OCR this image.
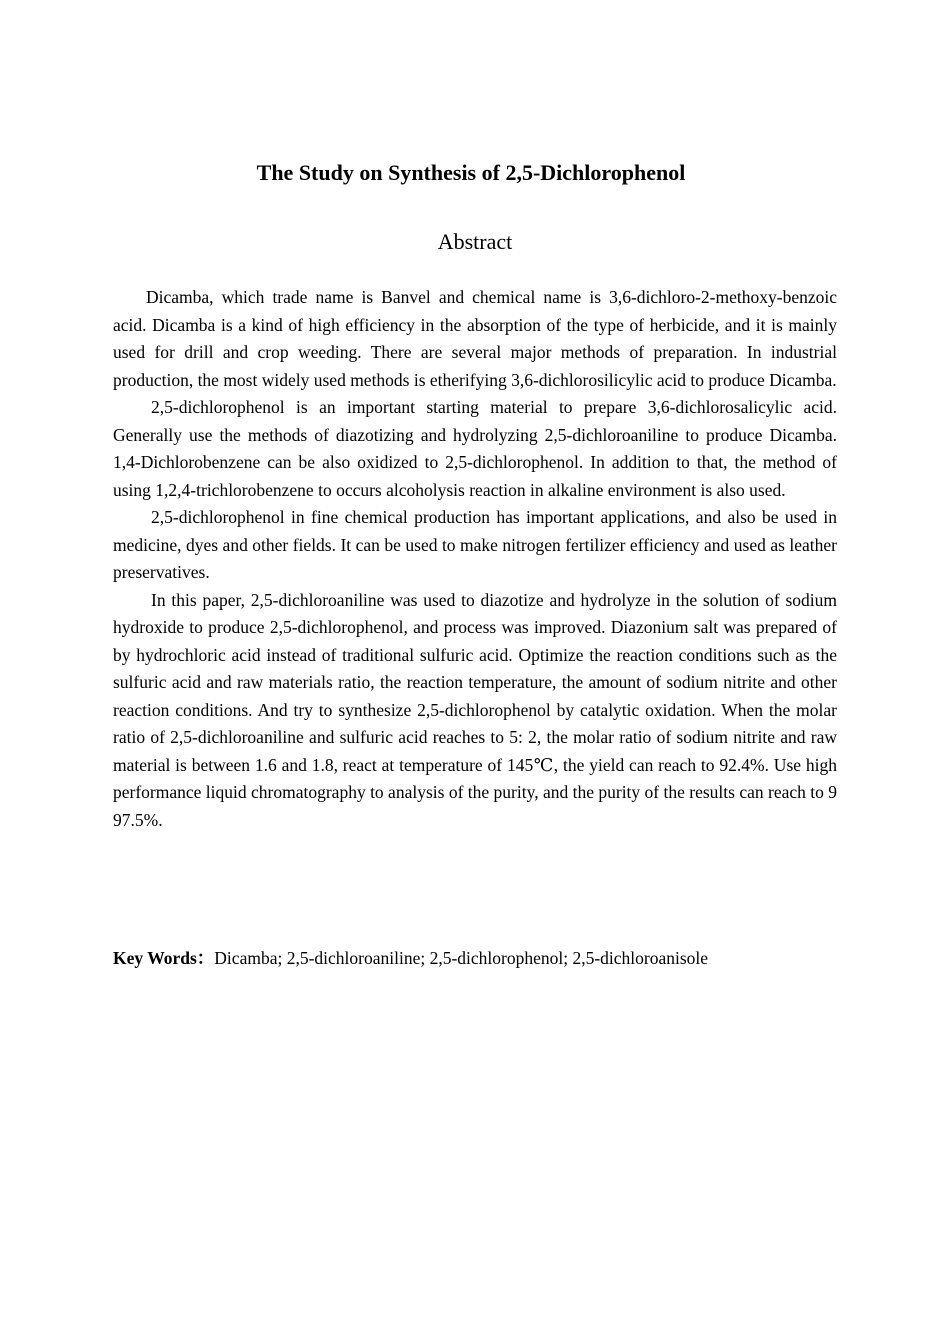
The Study on Synthesis of 2,5-Dichlorophenol
Abstract

Dicamba, which trade name is Banvel and chemical name is 3,6-dichloro-2-methoxy-benzoic acid. Dicamba is a kind of high efficiency in the absorption of the type of herbicide, and it is mainly used for drill and crop weeding. There are several major methods of preparation. In industrial production, the most widely used methods is etherifying 3,6-dichlorosilicylic acid to produce Dicamba.

2,5-dichlorophenol is an important starting material to prepare 3,6-dichlorosalicylic acid. Generally use the methods of diazotizing and hydrolyzing 2,5-dichloroaniline to produce Dicamba. 1,4-Dichlorobenzene can be also oxidized to 2,5-dichlorophenol. In addition to that, the method of using 1,2,4-trichlorobenzene to occurs alcoholysis reaction in alkaline environment is also used.

2,5-dichlorophenol in fine chemical production has important applications, and also be used in medicine, dyes and other fields. It can be used to make nitrogen fertilizer efficiency and used as leather preservatives.

In this paper, 2,5-dichloroaniline was used to diazotize and hydrolyze in the solution of sodium hydroxide to produce 2,5-dichlorophenol, and process was improved. Diazonium salt was prepared of by hydrochloric acid instead of traditional sulfuric acid. Optimize the reaction conditions such as the sulfuric acid and raw materials ratio, the reaction temperature, the amount of sodium nitrite and other reaction conditions. And try to synthesize 2,5-dichlorophenol by catalytic oxidation. When the molar ratio of 2,5-dichloroaniline and sulfuric acid reaches to 5: 2, the molar ratio of sodium nitrite and raw material is between 1.6 and 1.8, react at temperature of 145℃, the yield can reach to 92.4%. Use high performance liquid chromatography to analysis of the purity, and the purity of the results can reach to 9 97.5%.

Key Words：Dicamba; 2,5-dichloroaniline; 2,5-dichlorophenol; 2,5-dichloroanisole
